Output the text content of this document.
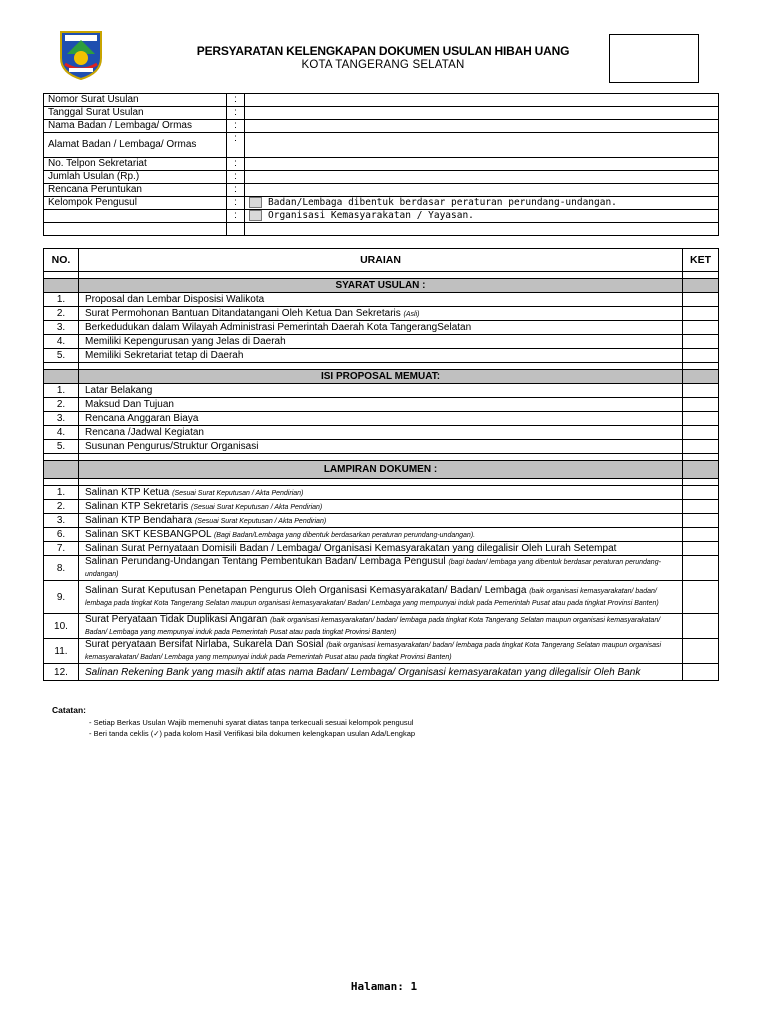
PERSYARATAN KELENGKAPAN DOKUMEN USULAN HIBAH UANG
KOTA TANGERANG SELATAN
Nomor Surat Usulan	:	
Tanggal Surat Usulan	:	
Nama Badan / Lembaga/ Ormas	:	
Alamat Badan / Lembaga/ Ormas	:	
No. Telpon Sekretariat	:	
Jumlah Usulan (Rp.)	:	
Rencana Peruntukan	:	
Kelompok Pengusul	:	Badan/Lembaga dibentuk berdasar peraturan perundang-undangan.
	:	Organisasi Kemasyarakatan / Yayasan.

NO.	URAIAN	KET

	SYARAT USULAN :	
1.	Proposal dan Lembar Disposisi Walikota	
2.	Surat Permohonan Bantuan Ditandatangani Oleh Ketua Dan Sekretaris (Asli)	
3.	Berkedudukan dalam Wilayah Administrasi Pemerintah Daerah Kota TangerangSelatan	
4.	Memiliki Kepengurusan yang Jelas di Daerah	
5.	Memiliki Sekretariat tetap di Daerah	

	ISI PROPOSAL MEMUAT:	
1.	Latar Belakang	
2.	Maksud Dan Tujuan	
3.	Rencana Anggaran Biaya	
4.	Rencana /Jadwal Kegiatan	
5.	Susunan Pengurus/Struktur Organisasi	

	LAMPIRAN DOKUMEN :	

1.	Salinan KTP Ketua (Sesuai Surat Keputusan / Akta Pendirian)	
2.	Salinan KTP Sekretaris (Sesuai Surat Keputusan / Akta Pendirian)	
3.	Salinan KTP Bendahara (Sesuai Surat Keputusan / Akta Pendirian)	
6.	Salinan SKT KESBANGPOL (Bagi Badan/Lembaga yang dibentuk berdasarkan peraturan perundang-undangan).	
7.	Salinan Surat Pernyataan Domisili Badan / Lembaga/ Organisasi Kemasyarakatan yang dilegalisir Oleh Lurah Setempat	
8.	Salinan Perundang-Undangan Tentang Pembentukan Badan/ Lembaga Pengusul (bagi badan/ lembaga yang dibentuk berdasar peraturan perundang-undangan)	
9.	Salinan Surat Keputusan Penetapan Pengurus Oleh Organisasi Kemasyarakatan/ Badan/ Lembaga (baik organisasi kemasyarakatan/ badan/ lembaga pada tingkat Kota Tangerang Selatan maupun organisasi kemasyarakatan/ Badan/ Lembaga yang mempunyai induk pada Pemerintah Pusat atau pada tingkat Provinsi Banten)	
10.	Surat Peryataan Tidak Duplikasi Angaran (baik organisasi kemasyarakatan/ badan/ lembaga pada tingkat Kota Tangerang Selatan maupun organisasi kemasyarakatan/ Badan/ Lembaga yang mempunyai induk pada Pemerintah Pusat atau pada tingkat Provinsi Banten)	
11.	Surat peryataan Bersifat Nirlaba, Sukarela Dan Sosial (baik organisasi kemasyarakatan/ badan/ lembaga pada tingkat Kota Tangerang Selatan maupun organisasi kemasyarakatan/ Badan/ Lembaga yang mempunyai induk pada Pemerintah Pusat atau pada tingkat Provinsi Banten)	
12.	Salinan Rekening Bank yang masih aktif atas nama Badan/ Lembaga/ Organisasi kemasyarakatan yang dilegalisir Oleh Bank	
Catatan:
- Setiap Berkas Usulan Wajib memenuhi syarat diatas tanpa terkecuali sesuai kelompok pengusul
- Beri tanda ceklis (✓) pada kolom Hasil Verifikasi bila dokumen kelengkapan usulan Ada/Lengkap
Halaman: 1
